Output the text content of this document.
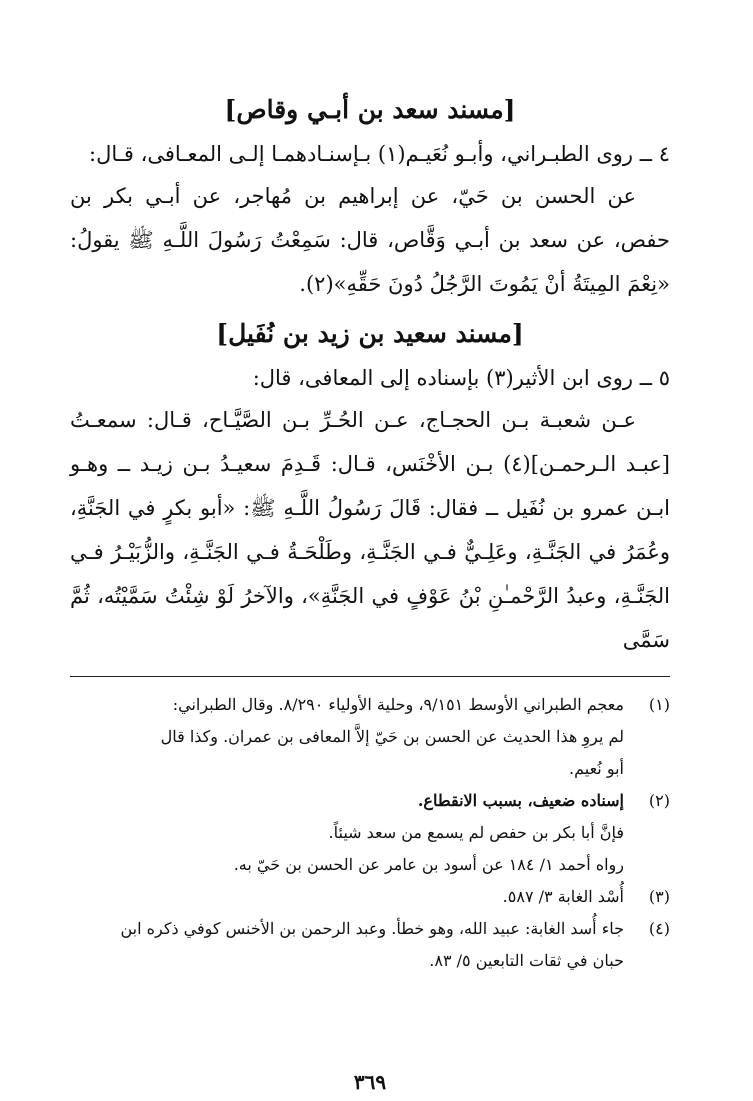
[مسند سعد بن أبـي وقاص]

٤ ــ روى الطبـراني، وأبـو نُعَيـم(١) بـإسنـادهمـا إلـى المعـافى، قـال:

عن الحسن بن حَيّ، عن إبراهيم بن مُهاجر، عن أبـي بكر بن حفص، عن سعد بن أبـي وَقَّاص، قال: سَمِعْتُ رَسُولَ اللَّـهِ ﷺ يقولُ: «نِعْمَ المِيتَةُ أنْ يَمُوتَ الرَّجُلُ دُونَ حَقِّهِ»(٢).

[مسند سعيد بن زيد بن نُفَيل]

٥ ــ روى ابن الأثير(٣) بإسناده إلى المعافى، قال:

عـن شعبـة بـن الحجـاج، عـن الحُـرِّ بـن الصَّيَّـاح، قـال: سمعـتُ [عبـد الـرحمـن](٤) بـن الأخْنَس، قـال: قَـدِمَ سعيـدُ بـن زيـد ــ وهـو ابـن عمرو بن نُفَيل ــ فقال: قَالَ رَسُولُ اللَّـهِ ﷺ: «أبو بكرٍ في الجَنَّةِ، وعُمَرُ في الجَنَّـةِ، وعَلِـيٌّ فـي الجَنَّـةِ، وطَلْحَـةُ فـي الجَنَّـةِ، والزُّبَيْـرُ فـي الجَنَّـةِ، وعبدُ الرَّحْمـٰنِ بْنُ عَوْفٍ في الجَنَّةِ»، والآخرُ لَوْ شِئْتُ سَمَّيْتُه، ثُمَّ سَمَّى

(١)
معجم الطبراني الأوسط ٩/١٥١، وحلية الأولياء ٨/٢٩٠. وقال الطبراني:
لم يروِ هذا الحديث عن الحسن بن حَيّ إلاَّ المعافى بن عمران. وكذا قال
أبو نُعيم.
(٢)
إسناده ضعيف، بسبب الانقطاع.
فإنَّ أبا بكر بن حفص لم يسمع من سعد شيئاً.
رواه أحمد ١/ ١٨٤ عن أسود بن عامر عن الحسن بن حَيّ به.
(٣)
أُسْد الغابة ٣/ ٥٨٧.
(٤)
جاء أُسد الغابة: عبيد الله، وهو خطأ. وعبد الرحمن بن الأخنس كوفي ذكره ابن
حبان في ثقات التابعين ٥/ ٨٣.
٣٦٩
